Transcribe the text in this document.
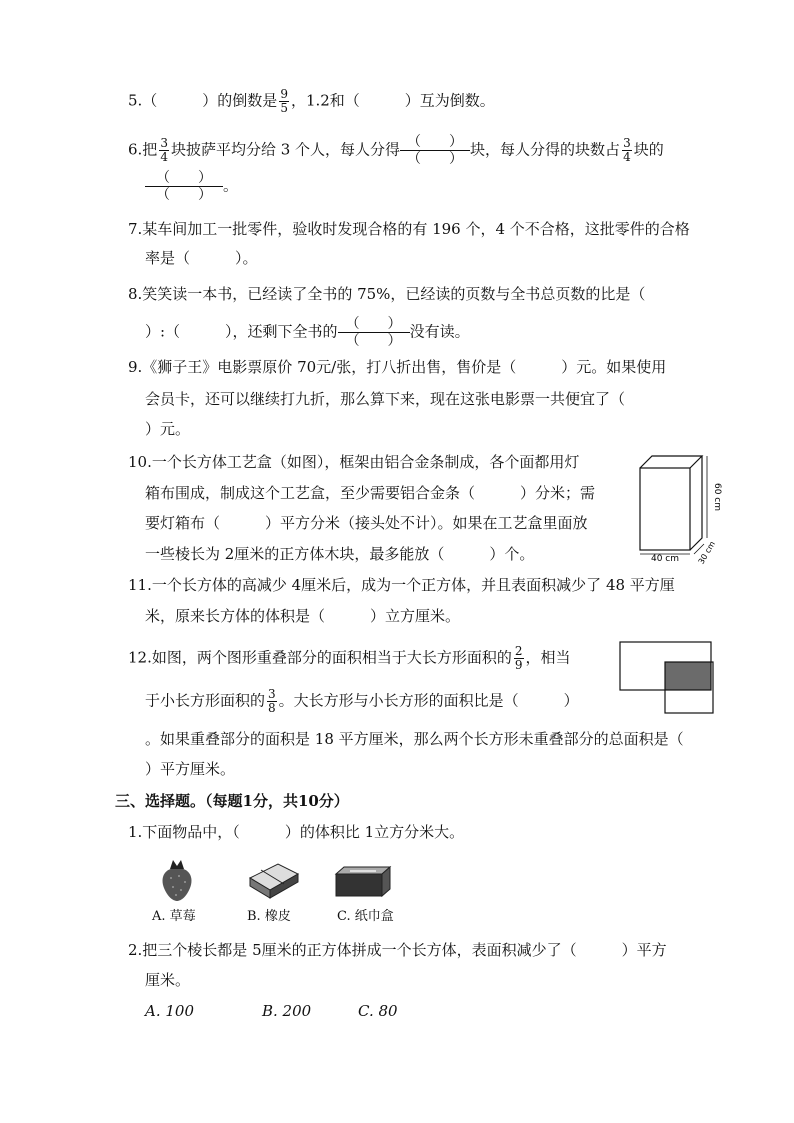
5.（　　　）的倒数是 $\frac{9}{5}$ ，1.2和（　　　）互为倒数。
6.把 $\frac{3}{4}$ 块披萨平均分给 3 个人，每人分得 （　　）
（　　）
块，每人分得的块数占 $\frac{3}{4}$ 块的
（　　）
（　　）
。
7.某车间加工一批零件，验收时发现合格的有 196 个，4 个不合格，这批零件的合格
率是（　　　）。
8.笑笑读一本书，已经读了全书的 75%，已经读的页数与全书总页数的比是（
）:（　　　），还剩下全书的 （　　）
（　　）
没有读。
9.《狮子王》电影票原价 70元/张，打八折出售，售价是（　　　）元。如果使用
会员卡，还可以继续打九折，那么算下来，现在这张电影票一共便宜了（
）元。
10.一个长方体工艺盒（如图），框架由铝合金条制成，各个面都用灯
箱布围成，制成这个工艺盒，至少需要铝合金条（　　　）分米；需
要灯箱布（　　　）平方分米（接头处不计）。如果在工艺盒里面放
一些棱长为 2厘米的正方体木块，最多能放（　　　）个。	40 cm
60 cm
30 cm
11.一个长方体的高减少 4厘米后，成为一个正方体，并且表面积减少了 48 平方厘
米，原来长方体的体积是（　　　）立方厘米。
12.如图，两个图形重叠部分的面积相当于大长方形面积的 $\frac{2}{9}$ ，相当
于小长方形面积的 $\frac{3}{8}$ 。大长方形与小长方形的面积比是（　　　）
。如果重叠部分的面积是 18 平方厘米，那么两个长方形未重叠部分的总面积是（
）平方厘米。
三、选择题。（每题1分，共10分）
1.下面物品中，（　　　）的体积比 1立方分米大。
A. 草莓	B. 橡皮	C. 纸巾盒
2.把三个棱长都是 5厘米的正方体拼成一个长方体，表面积减少了（　　　）平方
厘米。
A. 100	B. 200	C. 80
